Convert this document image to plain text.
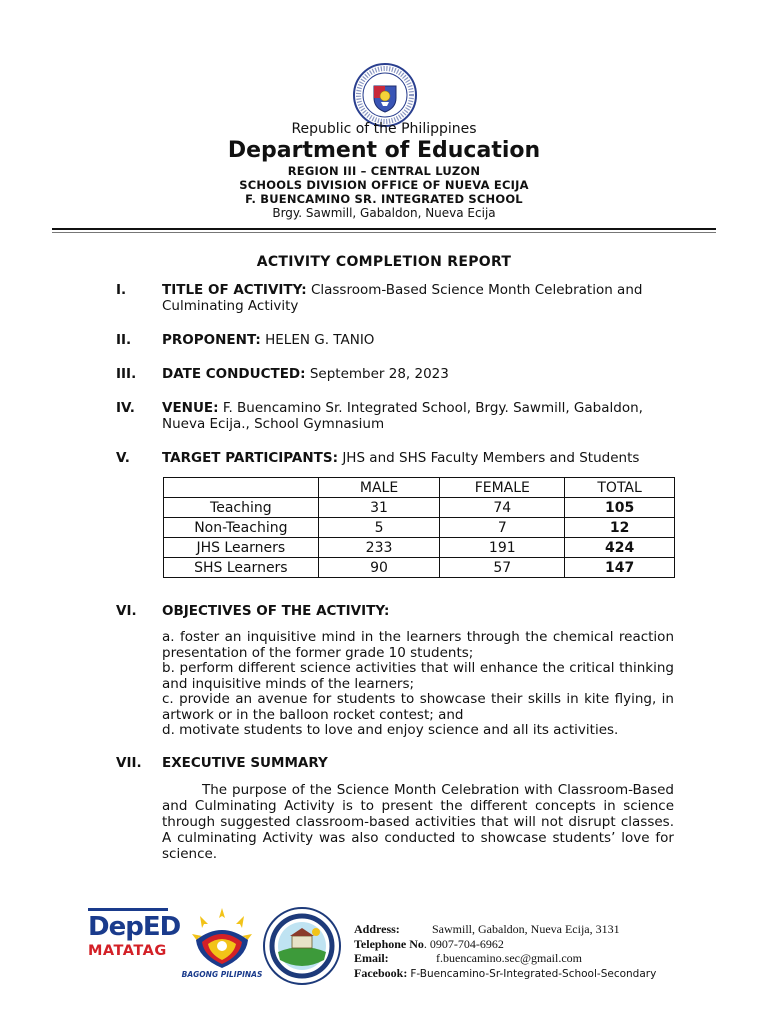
Republic of the Philippines
Department of Education
REGION III – CENTRAL LUZON
SCHOOLS DIVISION OFFICE OF NUEVA ECIJA
F. BUENCAMINO SR. INTEGRATED SCHOOL
Brgy. Sawmill, Gabaldon, Nueva Ecija
ACTIVITY COMPLETION REPORT
I.	TITLE OF ACTIVITY: Classroom-Based Science Month Celebration and Culminating Activity
II. PROPONENT: HELEN G. TANIO
III. DATE CONDUCTED: September 28, 2023
IV. VENUE: F. Buencamino Sr. Integrated School, Brgy. Sawmill, Gabaldon, Nueva Ecija., School Gymnasium
V. TARGET PARTICIPANTS: JHS and SHS Faculty Members and Students
	MALE	FEMALE	TOTAL
Teaching	31	74	105
Non-Teaching	5	7	12
JHS Learners	233	191	424
SHS Learners	90	57	147
VI. OBJECTIVES OF THE ACTIVITY:

a. foster an inquisitive mind in the learners through the chemical reaction presentation of the former grade 10 students;

b. perform different science activities that will enhance the critical thinking and inquisitive minds of the learners;

c. provide an avenue for students to showcase their skills in kite flying, in artwork or in the balloon rocket contest; and

d. motivate students to love and enjoy science and all its activities.

VII. EXECUTIVE SUMMARY
The purpose of the Science Month Celebration with Classroom-Based and Culminating Activity is to present the different concepts in science through suggested classroom-based activities that will not disrupt classes. A culminating Activity was also conducted to showcase students’ love for science.
DepED
MATATAG
BAGONG PILIPINAS
Address:	Sawmill, Gabaldon, Nueva Ecija, 3131
Telephone No. 0907-704-6962
Email:	f.buencamino.sec@gmail.com
Facebook: F-Buencamino-Sr-Integrated-School-Secondary
